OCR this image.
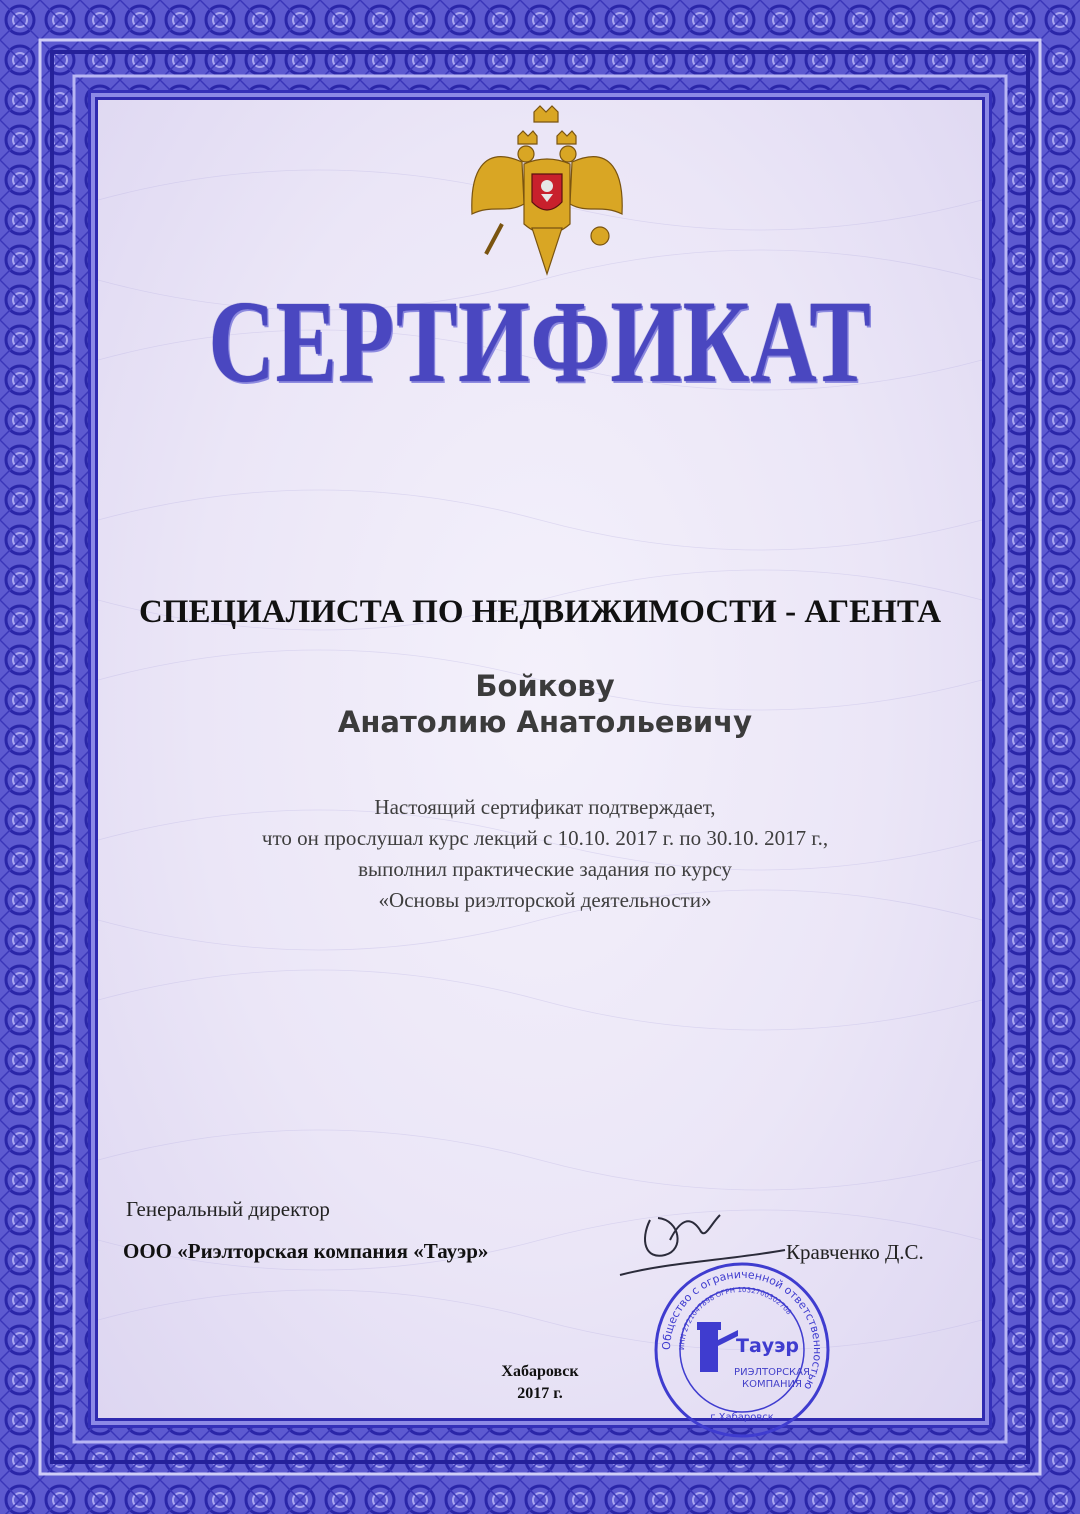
СЕРТИФИКАТ
СПЕЦИАЛИСТА ПО НЕДВИЖИМОСТИ - АГЕНТА
Бойкову
Анатолию Анатольевичу
Настоящий сертификат подтверждает,
что он прослушал курс лекций с 10.10. 2017 г. по 30.10. 2017 г.,
выполнил практические задания по курсу
«Основы риэлторской деятельности»
Генеральный директор
ООО «Риэлторская компания «Тауэр»	Кравченко Д.С.
Общество с ограниченной ответственностью
ИНН 2721047898 ОГРН 1032700302708
г.Хабаровск
Тауэр
РИЭЛТОРСКАЯ
КОМПАНИЯ
Хабаровск
2017 г.
